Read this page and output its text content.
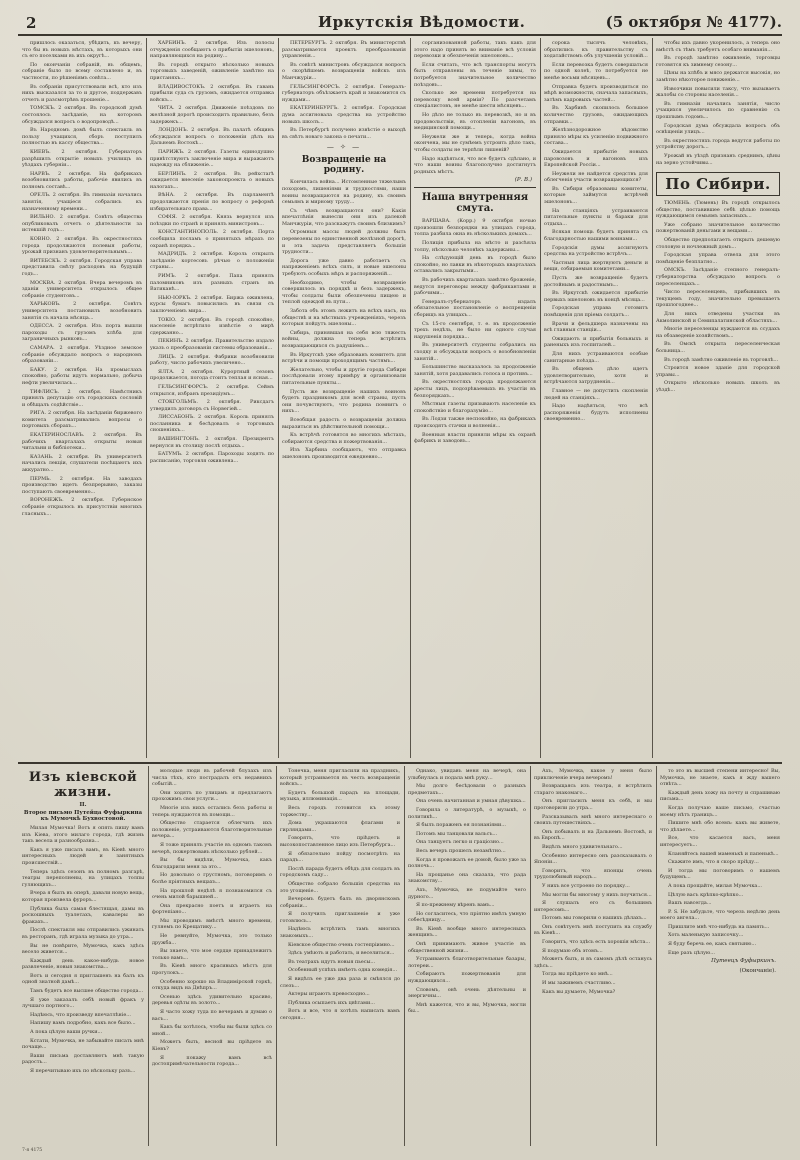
2	Иркутскія Вѣдомости.	(5 октября № 4177).

пришлось оказаться, убѣдить, къ вечеру, что бы въ новыхъ мѣстахъ, въ которыхъ они съ его поселками въ ихъ округѣ...

По окончаніи собраній, въ общемъ, собраніе было по всему составлено и, въ частности, по рѣшеніямъ совѣта...

Въ собраніи присутствовали всѣ, кто изъ нихъ высказался за то и другое, поддержавъ отчетъ и разсмотрѣвъ прошеніе...

ТОМСКЪ. 2 октября. Въ городской думѣ состоялось засѣданіе, на которомъ обсуждался вопросъ о водопроводѣ...

Въ Народномъ домѣ былъ спектакль въ пользу учащихся, сборъ поступилъ полностью въ кассу общества...

КИЕВЪ. 2 октября. Губернаторъ разрѣшилъ открытіе новыхъ училищъ въ уѣздахъ губерніи...

НАРВЪ. 2 октября. На фабрикахъ возобновились работы, рабочіе явились въ полномъ составѣ...

ОРЕЛЪ. 2 октября. Въ гимназіи начались занятія, учащіеся собрались къ назначенному времени...

ВИЛЬНО. 2 октября. Совѣтъ общества опубликовалъ отчетъ о дѣятельности за истекшій годъ...

КОВНО. 2 октября. Въ окрестностяхъ города продолжаются полевыя работы, урожай признанъ удовлетворительнымъ...

ВИТЕБСКЪ. 2 октября. Городская управа представила смѣту расходовъ на будущій годъ...

МОСКВА. 2 октября. Вчера вечеромъ въ зданіи университета открылось общее собраніе студентовъ...

ХАРЬКОВЪ. 2 октября. Совѣтъ университета постановилъ возобновить занятія съ начала мѣсяца...

ОДЕССА. 2 октября. Изъ порта вышли пароходы съ грузомъ хлѣба для заграничныхъ рынковъ...

САМАРА. 2 октября. Уѣздное земское собраніе обсуждало вопросъ о народномъ образованіи...

БАКУ. 2 октября. На промыслахъ спокойно, работы идутъ нормально, добыча нефти увеличилась...

ТИФЛИСЪ. 2 октября. Намѣстникъ принялъ депутацію отъ городскихъ сословій и обѣщалъ содѣйствіе...

РИГА. 2 октября. На засѣданіи биржевого комитета разсматривались вопросы о портовыхъ сборахъ...

ЕКАТЕРИНОСЛАВЪ. 2 октября. Въ рабочихъ кварталахъ открыты новыя читальни и библіотеки...

КАЗАНЬ. 2 октября. Въ университетѣ начались лекціи, слушатели посѣщаютъ ихъ аккуратно...

ПЕРМЬ. 2 октября. На заводахъ производство идетъ безпрерывно, заказы поступаютъ своевременно...

ВОРОНЕЖЪ. 2 октября. Губернское собраніе открылось въ присутствіи многихъ гласныхъ...

ХАРБИНЪ. 2 октября. Изъ полосы отчужденія сообщаютъ о прибытіи эшелоновъ, направляющихся на родину...

Въ городѣ открыто нѣсколько новыхъ торговыхъ заведеній, оживленіе замѣтно на пристаняхъ...

ВЛАДИВОСТОКЪ. 2 октября. Въ гавань прибыли суда съ грузомъ, ожидается отправка войскъ...

ЧИТА. 2 октября. Движеніе поѣздовъ по желѣзной дорогѣ происходитъ правильно, безъ задержекъ...

ЛОНДОНЪ. 2 октября. Въ палатѣ общинъ обсуждался вопросъ о положеніи дѣлъ на Дальнемъ Востокѣ...

ПАРИЖЪ. 2 октября. Газеты единодушно привѣтствуютъ заключеніе мира и выражаютъ надежду на сближеніе...

БЕРЛИНЪ. 2 октября. Въ рейхстагѣ ожидается внесеніе законопроекта о новыхъ налогахъ...

ВѢНА. 2 октября. Въ парламентѣ продолжаются пренія по вопросу о реформѣ избирательнаго права...

СОФІЯ. 2 октября. Князь вернулся изъ поѣздки по странѣ и принялъ министровъ...

КОНСТАНТИНОПОЛЬ. 2 октября. Порта сообщила посламъ о принятыхъ мѣрахъ по охранѣ порядка...

МАДРИДЪ. 2 октября. Король открылъ засѣданіе кортесовъ рѣчью о положеніи страны...

РИМЪ. 2 октября. Папа принялъ паломниковъ изъ разныхъ странъ въ Ватиканѣ...

НЬЮ-ІОРКЪ. 2 октября. Биржа оживлена, курсы бумагъ повысились въ связи съ заключеніемъ мира...

ТОКІО. 2 октября. Въ городѣ спокойно, населеніе встрѣтило извѣстіе о мирѣ сдержанно...

ПЕКИНЪ. 2 октября. Правительство издало указъ о преобразованіи системы образованія...

ЛИЦЪ. 2 октября. Фабрики возобновили работу, число рабочихъ увеличено...

ЯЛТА. 2 октября. Курортный сезонъ продолжается, погода стоитъ теплая и ясная...

ГЕЛЬСИНГФОРСЪ. 2 октября. Сеймъ открылся, избранъ президіумъ...

СТОКГОЛЬМЪ. 2 октября. Риксдагъ утвердилъ договоръ съ Норвегіей...

ЛИССАБОНЪ. 2 октября. Король принялъ посланника и бесѣдовалъ о торговыхъ сношеніяхъ...

ВАШИНГТОНЪ. 2 октября. Президентъ вернулся въ столицу послѣ отдыха...

БАТУМЪ. 2 октября. Пароходы ходятъ по расписанію, торговля оживлена...

ПЕТЕРБУРГЪ. 2 октября. Въ министерствѣ разсматривается проектъ преобразованія управленія...

Въ совѣтѣ министровъ обсуждался вопросъ о скорѣйшемъ возвращеніи войскъ изъ Манчжуріи...

ГЕЛЬСИНГФОРСЪ. 2 октября. Генералъ-губернаторъ объѣзжаетъ край и знакомится съ нуждами...

ЕКАТЕРИНБУРГЪ. 2 октября. Городская дума ассигновала средства на устройство новыхъ школъ...

Въ Петербургѣ получено извѣстіе о выходѣ въ свѣтъ новаго закона о печати...

— ✧ —
Возвращеніе на родину.

Кончилась война... Истомленные тяжелымъ походомъ, лишеніями и трудностями, наши воины возвращаются на родину, къ своимъ семьямъ и мирному труду...

Съ чѣмъ возвращаются они? Какія впечатлѣнія вынесли они изъ далекой Манчжуріи, что разскажутъ своимъ близкимъ?

Огромныя массы людей должны быть перевезены по единственной желѣзной дорогѣ, и эта задача представляетъ большія трудности...

Дорога уже давно работаетъ съ напряженіемъ всѣхъ силъ, и новые эшелоны требуютъ особыхъ мѣръ и распоряженій...

Необходимо, чтобы возвращеніе совершилось въ порядкѣ и безъ задержекъ, чтобы солдаты были обезпечены пищею и теплой одеждой въ пути...

Забота объ этомъ лежитъ на всѣхъ насъ, на обществѣ и на мѣстныхъ учрежденіяхъ, черезъ которыя пойдутъ эшелоны...

Сибирь, принявшая на себя всю тяжесть войны, должна теперь встрѣтить возвращающихся съ радушіемъ...

Въ Иркутскѣ уже образованъ комитетъ для встрѣчи и помощи проходящимъ частямъ...

Желательно, чтобы и другіе города Сибири послѣдовали этому примѣру и организовали питательные пункты...

Пусть же возвращеніе нашихъ воиновъ будетъ праздникомъ для всей страны, пусть они почувствуютъ, что родина помнитъ о нихъ...

Всеобщая радость о возвращеніи должна выразиться въ дѣйствительной помощи...

Къ встрѣчѣ готовятся во многихъ мѣстахъ, собираются средства и пожертвованія...

Изъ Харбина сообщаютъ, что отправка эшелоновъ производится ежедневно...

сорганизованной работы, такъ какъ для этого надо принять во вниманіе всѣ условія перевозки и обезпеченія эшелоновъ...

Если считать, что всѣ транспорты могутъ быть отправлены въ теченіе зимы, то потребуется значительное количество поѣздовъ...

Сколько же времени потребуется на перевозку всей арміи? По разсчетамъ спеціалистовъ, не менѣе шести мѣсяцевъ...

Но дѣло не только въ перевозкѣ, но и въ продовольствіи, въ отопленіи вагоновъ, въ медицинской помощи...

Неужели же и теперь, когда война окончена, мы не сумѣемъ устроить дѣло такъ, чтобы солдаты не терпѣли лишеній?

Надо надѣяться, что все будетъ сдѣлано, и что наши воины благополучно достигнутъ родныхъ мѣстъ.

(Р. В.)
Наша внутренняя смута.

ВАРШАВА. (Корр.) 9 октября ночью произошли безпорядки на улицахъ города, толпа разбила окна въ нѣсколькихъ домахъ...

Полиція прибыла на мѣсто и разсѣяла толпу, нѣсколько человѣкъ задержаны...

На слѣдующій день въ городѣ было спокойно, но лавки въ нѣкоторыхъ кварталахъ оставались закрытыми...

Въ рабочихъ кварталахъ замѣтно броженіе, ведутся переговоры между фабрикантами и рабочими...

Генералъ-губернаторъ издалъ обязательное постановленіе о воспрещеніи сборищъ на улицахъ...

Съ 15-го сентября, т. е. въ продолженіе трехъ недѣль, не было ни одного случая нарушенія порядка...

Въ университетѣ студенты собрались на сходку и обсуждали вопросъ о возобновленіи занятій...

Большинство высказалось за продолженіе занятій, хотя раздавались голоса и противъ...

Въ окрестностяхъ города продолжаются аресты лицъ, подозрѣваемыхъ въ участіи въ безпорядкахъ...

Мѣстныя газеты призываютъ населеніе къ спокойствію и благоразумію...

Въ Лодзи также неспокойно, на фабрикахъ происходятъ стачки и волненія...

Военныя власти приняли мѣры къ охранѣ фабрикъ и заводовъ...

сорока тысячъ человѣкъ, обратились къ правительству съ ходатайствомъ объ улучшеніи условій...

Если перевозка будетъ совершаться по одной колеѣ, то потребуется не менѣе восьми мѣсяцевъ...

Отправка будетъ производиться по мѣрѣ возможности, сначала запасныхъ, затѣмъ кадровыхъ частей...

Въ Харбинѣ скопилось большое количество грузовъ, ожидающихъ отправки...

Желѣзнодорожное вѣдомство приняло мѣры къ усиленію подвижного состава...

Ожидается прибытіе новыхъ паровозовъ и вагоновъ изъ Европейской Россіи...

Неужели не найдется средствъ для облегченія участи возвращающихся?

Въ Сибири образованы комитеты, которые займутся встрѣчей эшелоновъ...

На станціяхъ устраиваются питательные пункты и бараки для отдыха...

Всякая помощь будетъ принята съ благодарностью нашими воинами...

Городскія думы ассигнуютъ средства на устройство встрѣчъ...

Частныя лица жертвуютъ деньги и вещи, собираемыя комитетами...

Пусть же возвращеніе будетъ достойнымъ и радостнымъ...

Въ Иркутскѣ ожидается прибытіе первыхъ эшелоновъ въ концѣ мѣсяца...

Городская управа готовитъ помѣщенія для пріема солдатъ...

Врачи и фельдшера назначены на всѣ главныя станціи...

Ожидаютъ и прибытія больныхъ и раненыхъ изъ госпиталей...

Для нихъ устраиваются особые санитарные поѣзда...

Въ общемъ дѣло идетъ удовлетворительно, хотя и встрѣчаются затрудненія...

Главное — не допустить скопленія людей на станціяхъ...

Надо надѣяться, что всѣ распоряженія будутъ исполнены своевременно...

чтобы ихъ давно укоренилось, а теперь оно вмѣстѣ съ тѣмъ требуетъ особаго вниманія...

Въ городѣ замѣтно оживленіе, торговцы готовятся къ зимнему сезону...

Цѣны на хлѣбъ и мясо держатся высокія, но замѣтно нѣкоторое пониженіе...

Извозчики повысили таксу, что вызываетъ жалобы со стороны населенія...

Въ гимназіи начались занятія, число учащихся увеличилось по сравненію съ прошлымъ годомъ...

Городская дума обсуждала вопросъ объ освѣщеніи улицъ...

Въ окрестностяхъ города ведутся работы по устройству дорогъ...

Урожай въ уѣздѣ признанъ среднимъ, цѣны на зерно устойчивы...

По Сибири.

ТЮМЕНЬ. (Тюмень) Въ городѣ открылось общество, поставившее себѣ цѣлью помощь нуждающимся семьямъ запасныхъ...

Уже собрано значительное количество пожертвованій деньгами и вещами...

Общество предполагаетъ открыть дешевую столовую и ночлежный домъ...

Городская управа отвела для этого помѣщеніе безплатно...

ОМСКЪ. Засѣданіе степного генералъ-губернаторства обсуждало вопросъ о переселенцахъ...

Число переселенцевъ, прибывшихъ въ текущемъ году, значительно превышаетъ прошлогоднее...

Для нихъ отведены участки въ Акмолинской и Семипалатинской областяхъ...

Многіе переселенцы нуждаются въ ссудахъ на обзаведеніе хозяйствомъ...

Въ Омскѣ открыта переселенческая больница...

Въ городѣ замѣтно оживленіе въ торговлѣ...

Строится новое зданіе для городской управы...

Открыто нѣсколько новыхъ школъ въ уѣздѣ...

Изъ кіевской жизни.
II.
Второе письмо Путейца Фуфыркина къ Мумочкѣ Бухвостовой.

Милая Мумочка! Вотъ я опять пишу вамъ изъ Кіева, этого милаго города, гдѣ жизнь такъ весела и разнообразна...

Какъ я уже писалъ вамъ, въ Кіевѣ много интересныхъ людей и занятныхъ происшествій...

Теперь здѣсь сезонъ въ полномъ разгарѣ, театры переполнены, на улицахъ толпы гуляющихъ...

Вчера я былъ въ оперѣ, давали новую вещь, которая произвела фуроръ...

Публика была самая блестящая, дамы въ роскошныхъ туалетахъ, кавалеры во фракахъ...

Послѣ спектакля мы отправились ужинать въ ресторанъ, гдѣ играла музыка до утра...

Вы не повѣрите, Мумочка, какъ здѣсь весело живется...

Каждый день какое-нибудь новое развлеченіе, новыя знакомства...

Вотъ и сегодня я приглашенъ на балъ къ одной знатной дамѣ...

Тамъ будетъ все высшее общество города...

Я уже заказалъ себѣ новый фракъ у лучшаго портного...

Надѣюсь, что произведу впечатлѣніе...

Напишу вамъ подробно, какъ все было...

А пока цѣлую ваши ручки...

Кстати, Мумочка, не забывайте писать мнѣ почаще...

Ваши письма доставляютъ мнѣ такую радость...

Я перечитываю ихъ по нѣскольку разъ...

молодые люди въ рабочей блузахъ изъ числа тѣхъ, кто пострадалъ отъ недавнихъ событій...

Они ходятъ по улицамъ и предлагаютъ прохожимъ свои услуги...

Многіе изъ нихъ остались безъ работы и теперь нуждаются въ помощи...

Общество старается облегчить ихъ положеніе, устраиваются благотворительные вечера...

Я тоже принялъ участіе въ одномъ такомъ вечерѣ, пожертвовавъ нѣсколько рублей...

Вы бы видѣли, Мумочка, какъ благодарили меня за это...

Но довольно о грустномъ, поговоримъ о болѣе пріятныхъ вещахъ...

На прошлой недѣлѣ я познакомился съ очень милой барышней...

Она прекрасно поетъ и играетъ на фортепіано...

Мы проводимъ вмѣстѣ много времени, гуляемъ по Крещатику...

Не ревнуйте, Мумочка, это только дружба...

Вы знаете, что мое сердце принадлежитъ только вамъ...

Въ Кіевѣ много красивыхъ мѣстъ для прогулокъ...

Особенно хорошо на Владимірской горкѣ, откуда видъ на Днѣпръ...

Осенью здѣсь удивительно красиво, деревья одѣты въ золото...

Я часто хожу туда по вечерамъ и думаю о васъ...

Какъ бы хотѣлось, чтобы вы были здѣсь со мной...

Можетъ быть, весной вы пріѣдете въ Кіевъ?

Я покажу вамъ всѣ достопримѣчательности города...

Тонечка, меня пригласили на праздникъ, который устраивается въ честь возвращенія войскъ...

Будетъ большой парадъ на площади, музыка, иллюминація...

Весь городъ готовится къ этому торжеству...

Дома украшаются флагами и гирляндами...

Говорятъ, что пріѣдетъ и высокопоставленное лицо изъ Петербурга...

Я обязательно пойду посмотрѣть на парадъ...

Послѣ парада будетъ обѣдъ для солдатъ въ городскомъ саду...

Общество собрало большія средства на это угощеніе...

Вечеромъ будетъ балъ въ дворянскомъ собраніи...

Я получилъ приглашеніе и уже готовлюсь...

Надѣюсь встрѣтить тамъ многихъ знакомыхъ...

Кіевское общество очень гостепріимно...

Здѣсь умѣютъ и работать, и веселиться...

Въ театрахъ идутъ новыя пьесы...

Особенный успѣхъ имѣетъ одна комедія...

Я видѣлъ ее уже два раза и смѣялся до слезъ...

Актеры играютъ превосходно...

Публика осыпаетъ ихъ цвѣтами...

Вотъ и все, что я хотѣлъ написать вамъ сегодня...

Однако, увидавъ меня на вечерѣ, она улыбнулась и подала мнѣ руку...

Мы долго бесѣдовали о разныхъ предметахъ...

Она очень начитанная и умная дѣвушка...

Говорила о литературѣ, о музыкѣ, о политикѣ...

Я былъ пораженъ ея познаніями...

Потомъ мы танцовали вальсъ...

Она танцуетъ легко и граціозно...

Весь вечеръ прошелъ незамѣтно...

Когда я провожалъ ее домой, было уже за полночь...

На прощанье она сказала, что рада знакомству...

Ахъ, Мумочка, не подумайте чего дурного...

Я по-прежнему вѣренъ вамъ...

Но согласитесь, что пріятно имѣть умную собесѣдницу...

Въ Кіевѣ вообще много интересныхъ женщинъ...

Онѣ принимаютъ живое участіе въ общественной жизни...

Устраиваютъ благотворительные базары, лотереи...

Собираютъ пожертвованія для нуждающихся...

Словомъ, онѣ очень дѣятельны и энергичны...

Мнѣ кажется, что и вы, Мумочка, могли бы...

Ахъ, Мумочка, какое у меня было приключеніе вчера вечеромъ!

Возвращаясь изъ театра, я встрѣтилъ стараго знакомаго...

Онъ пригласилъ меня къ себѣ, и мы проговорили до утра...

Разсказывалъ мнѣ много интереснаго о своихъ путешествіяхъ...

Онъ побывалъ и на Дальнемъ Востокѣ, и въ Европѣ...

Видѣлъ много удивительнаго...

Особенно интересно онъ разсказывалъ о Японіи...

Говоритъ, что японцы очень трудолюбивый народъ...

У нихъ все устроено по порядку...

Мы могли бы многому у нихъ поучиться...

Я слушалъ его съ большимъ интересомъ...

Потомъ мы говорили о нашихъ дѣлахъ...

Онъ совѣтуетъ мнѣ поступить на службу въ Кіевѣ...

Говоритъ, что здѣсь есть хорошія мѣста...

Я подумаю объ этомъ...

Можетъ быть, и въ самомъ дѣлѣ останусь здѣсь...

Тогда вы пріѣдете ко мнѣ...

И мы заживемъ счастливо...

Какъ вы думаете, Мумочка?

то это въ высшей степени интересно! Вы, Мумочка, не знаете, какъ я жду вашего отвѣта...

Каждый день хожу на почту и спрашиваю письма...

Когда получаю ваше письмо, счастью моему нѣтъ границъ...

Пишите мнѣ обо всемъ: какъ вы живете, что дѣлаете...

Все, что касается васъ, меня интересуетъ...

Кланяйтесь вашей маменькѣ и папенькѣ...

Скажите имъ, что я скоро пріѣду...

И тогда мы поговоримъ о нашемъ будущемъ...

А пока прощайте, милая Мумочка...

Цѣлую васъ крѣпко-крѣпко...

Вашъ навсегда...

P. S. Не забудьте, что черезъ недѣлю день моего ангела...

Пришлите мнѣ что-нибудь на память...

Хоть маленькую записочку...

Я буду беречь ее, какъ святыню...

Еще разъ цѣлую...

Путеецъ Фуфыркинъ.
(Окончаніе).
7-я 4175
